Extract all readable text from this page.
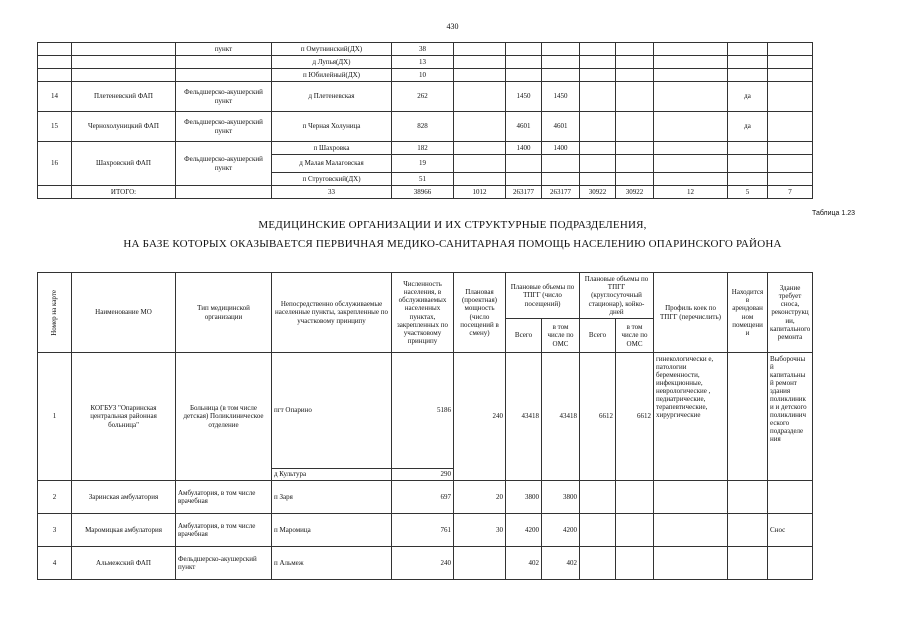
430
		пункт	п Омутнинский(ДХ)	38								
			д Лупья(ДХ)	13								
			п Юбилейный(ДХ)	10								
14	Плетеневский ФАП	Фельдшерско-акушерский пункт	д Плетеневская	262		1450	1450				да	
15	Чернохолуницкий ФАП	Фельдшерско-акушерский пункт	п Черная Холуница	828		4601	4601				да	
16	Шахровский ФАП	Фельдшерско-акушерский пункт	п Шахровка	182		1400	1400					
			д Малая Малаговская	19								
			п Струговский(ДХ)	51								
	ИТОГО:		33	38966	1012	263177	263177	30922	30922	12	5	7
Таблица 1.23
МЕДИЦИНСКИЕ ОРГАНИЗАЦИИ И ИХ СТРУКТУРНЫЕ ПОДРАЗДЕЛЕНИЯ,
НА БАЗЕ КОТОРЫХ ОКАЗЫВАЕТСЯ ПЕРВИЧНАЯ МЕДИКО-САНИТАРНАЯ ПОМОЩЬ НАСЕЛЕНИЮ ОПАРИНСКОГО РАЙОНА
Номер на карте	Наименование МО	Тип медицинской организации	Непосредственно обслуживаемые населенные пункты, закрепленные по участковому принципу	Численность населения, в обслуживаемых населенных пунктах, закрепленных по участковому принципу	Плановая (проектная) мощность (число посещений в смену)	Плановые объемы по ТПГГ (число посещений)		Плановые объемы по ТПГГ (круглосуточный стационар), койко-дней		Профиль коек по ТПГГ (перечислить)	Находится в арендован ном помещени и	Здание требует сноса, реконструкц ии, капитального ремонта
						Всего	в том числе по ОМС	Всего	в том числе по ОМС			
1	КОГБУЗ "Опаринская центральная районная больница"	Больница (в том числе детская) Поликлиническое отделение	пгт Опарино	5186	240	43418	43418	6612	6612	гинекологически е, патологии беременности, инфекционные, неврологические , педиатрические, терапевтические, хирургические		Выборочны й капитальны й ремонт здания поликлиник и и детского поликлинич еского подразделе ния
			д Культура	290								
2	Заринская амбулатория	Амбулатория, в том числе врачебная	п Заря	697	20	3800	3800					
3	Маромицкая амбулатория	Амбулатория, в том числе врачебная	п Маромица	761	30	4200	4200					Снос
4	Альмежский ФАП	Фельдшерско-акушерский пункт	п Альмеж	240		402	402					
